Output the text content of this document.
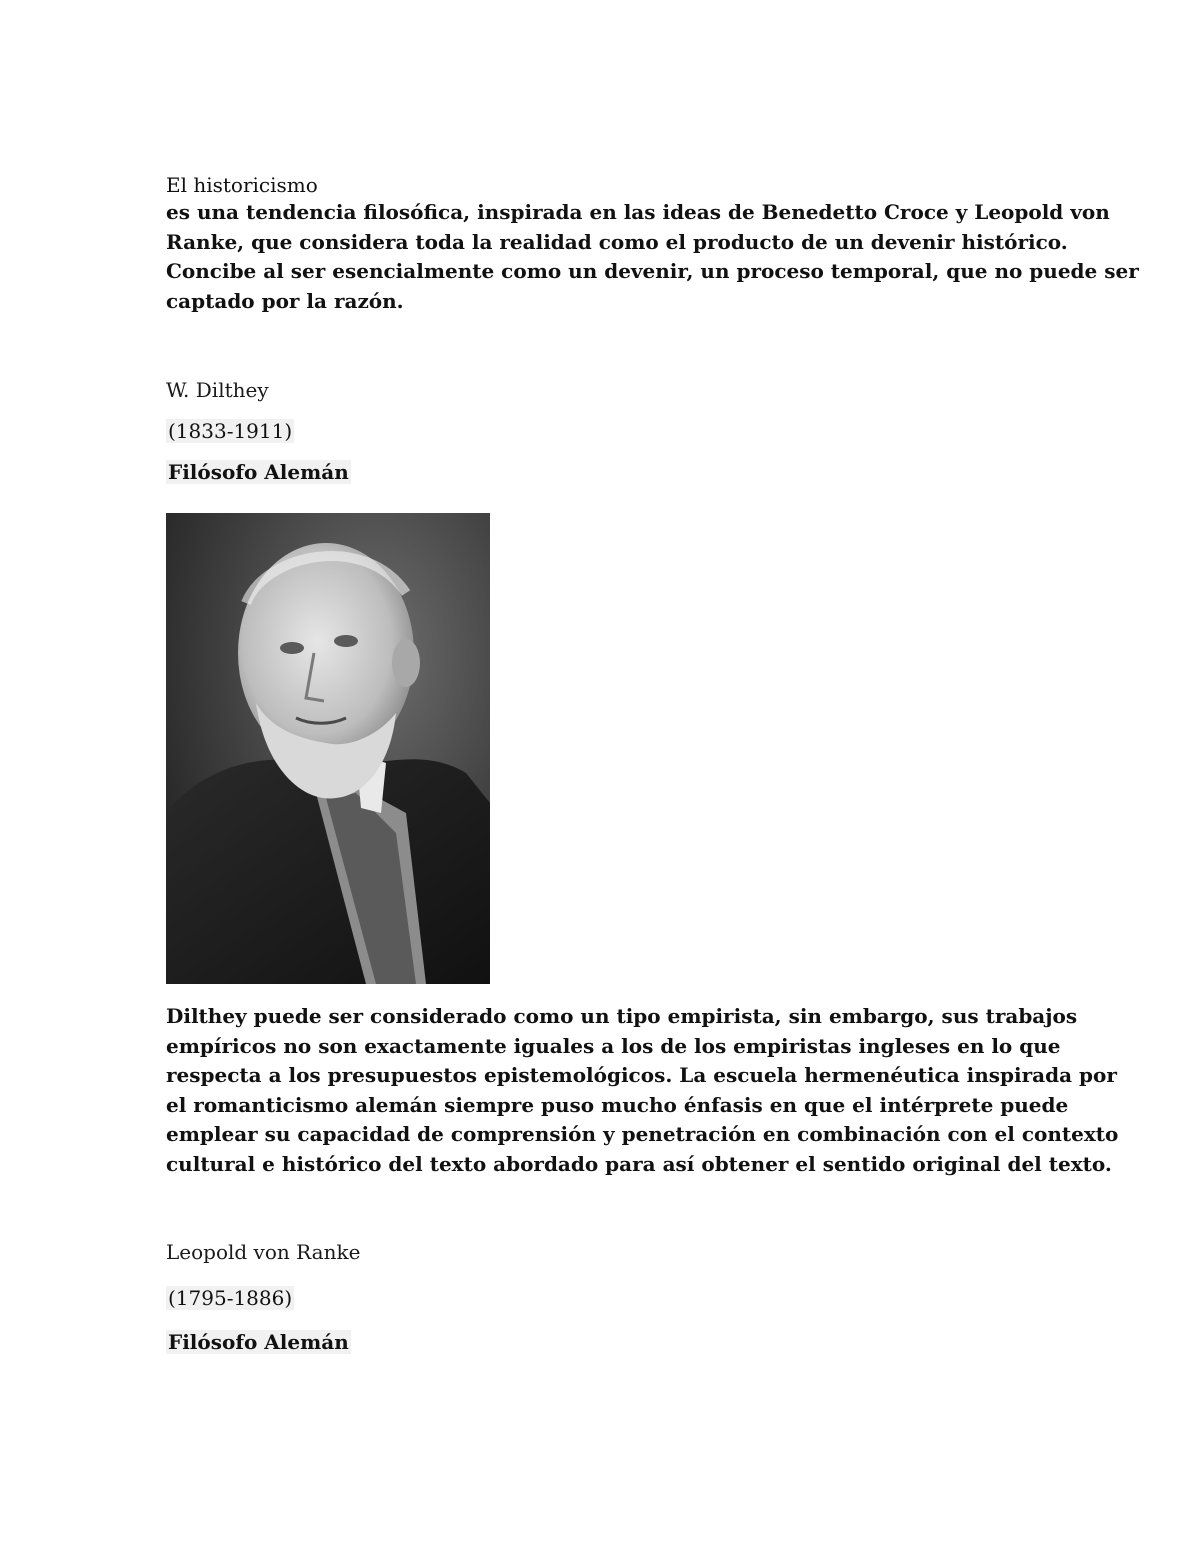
El historicismo
es una tendencia filosófica, inspirada en las ideas de Benedetto Croce y Leopold von
Ranke, que considera toda la realidad como el producto de un devenir histórico.
Concibe al ser esencialmente como un devenir, un proceso temporal, que no puede ser
captado por la razón.
W. Dilthey
(1833-1911)
Filósofo Alemán
Dilthey puede ser considerado como un tipo empirista, sin embargo, sus trabajos
empíricos no son exactamente iguales a los de los empiristas ingleses en lo que
respecta a los presupuestos epistemológicos. La escuela hermenéutica inspirada por
el romanticismo alemán siempre puso mucho énfasis en que el intérprete puede
emplear su capacidad de comprensión y penetración en combinación con el contexto
cultural e histórico del texto abordado para así obtener el sentido original del texto.
Leopold von Ranke
(1795-1886)
Filósofo Alemán
